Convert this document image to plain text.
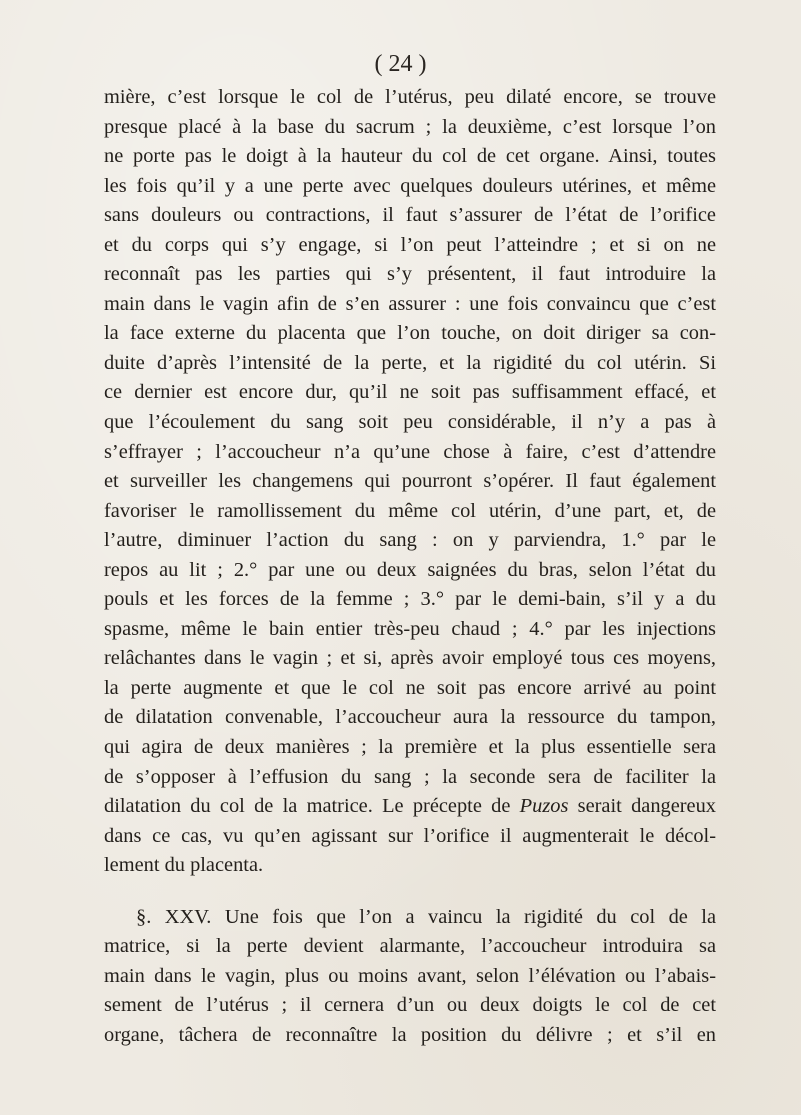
( 24 )
mière, c’est lorsque le col de l’utérus, peu dilaté encore, se trouve
presque placé à la base du sacrum ; la deuxième, c’est lorsque l’on
ne porte pas le doigt à la hauteur du col de cet organe. Ainsi, toutes
les fois qu’il y a une perte avec quelques douleurs utérines, et même
sans douleurs ou contractions, il faut s’assurer de l’état de l’orifice
et du corps qui s’y engage, si l’on peut l’atteindre ; et si on ne
reconnaît pas les parties qui s’y présentent, il faut introduire la
main dans le vagin afin de s’en assurer : une fois convaincu que c’est
la face externe du placenta que l’on touche, on doit diriger sa con-
duite d’après l’intensité de la perte, et la rigidité du col utérin. Si
ce dernier est encore dur, qu’il ne soit pas suffisamment effacé, et
que l’écoulement du sang soit peu considérable, il n’y a pas à
s’effrayer ; l’accoucheur n’a qu’une chose à faire, c’est d’attendre
et surveiller les changemens qui pourront s’opérer. Il faut également
favoriser le ramollissement du même col utérin, d’une part, et, de
l’autre, diminuer l’action du sang : on y parviendra, 1.° par le
repos au lit ; 2.° par une ou deux saignées du bras, selon l’état du
pouls et les forces de la femme ; 3.° par le demi-bain, s’il y a du
spasme, même le bain entier très-peu chaud ; 4.° par les injections
relâchantes dans le vagin ; et si, après avoir employé tous ces moyens,
la perte augmente et que le col ne soit pas encore arrivé au point
de dilatation convenable, l’accoucheur aura la ressource du tampon,
qui agira de deux manières ; la première et la plus essentielle sera
de s’opposer à l’effusion du sang ; la seconde sera de faciliter la
dilatation du col de la matrice. Le précepte de Puzos serait dangereux
dans ce cas, vu qu’en agissant sur l’orifice il augmenterait le décol-
lement du placenta.
§. XXV. Une fois que l’on a vaincu la rigidité du col de la
matrice, si la perte devient alarmante, l’accoucheur introduira sa
main dans le vagin, plus ou moins avant, selon l’élévation ou l’abais-
sement de l’utérus ; il cernera d’un ou deux doigts le col de cet
organe, tâchera de reconnaître la position du délivre ; et s’il en
